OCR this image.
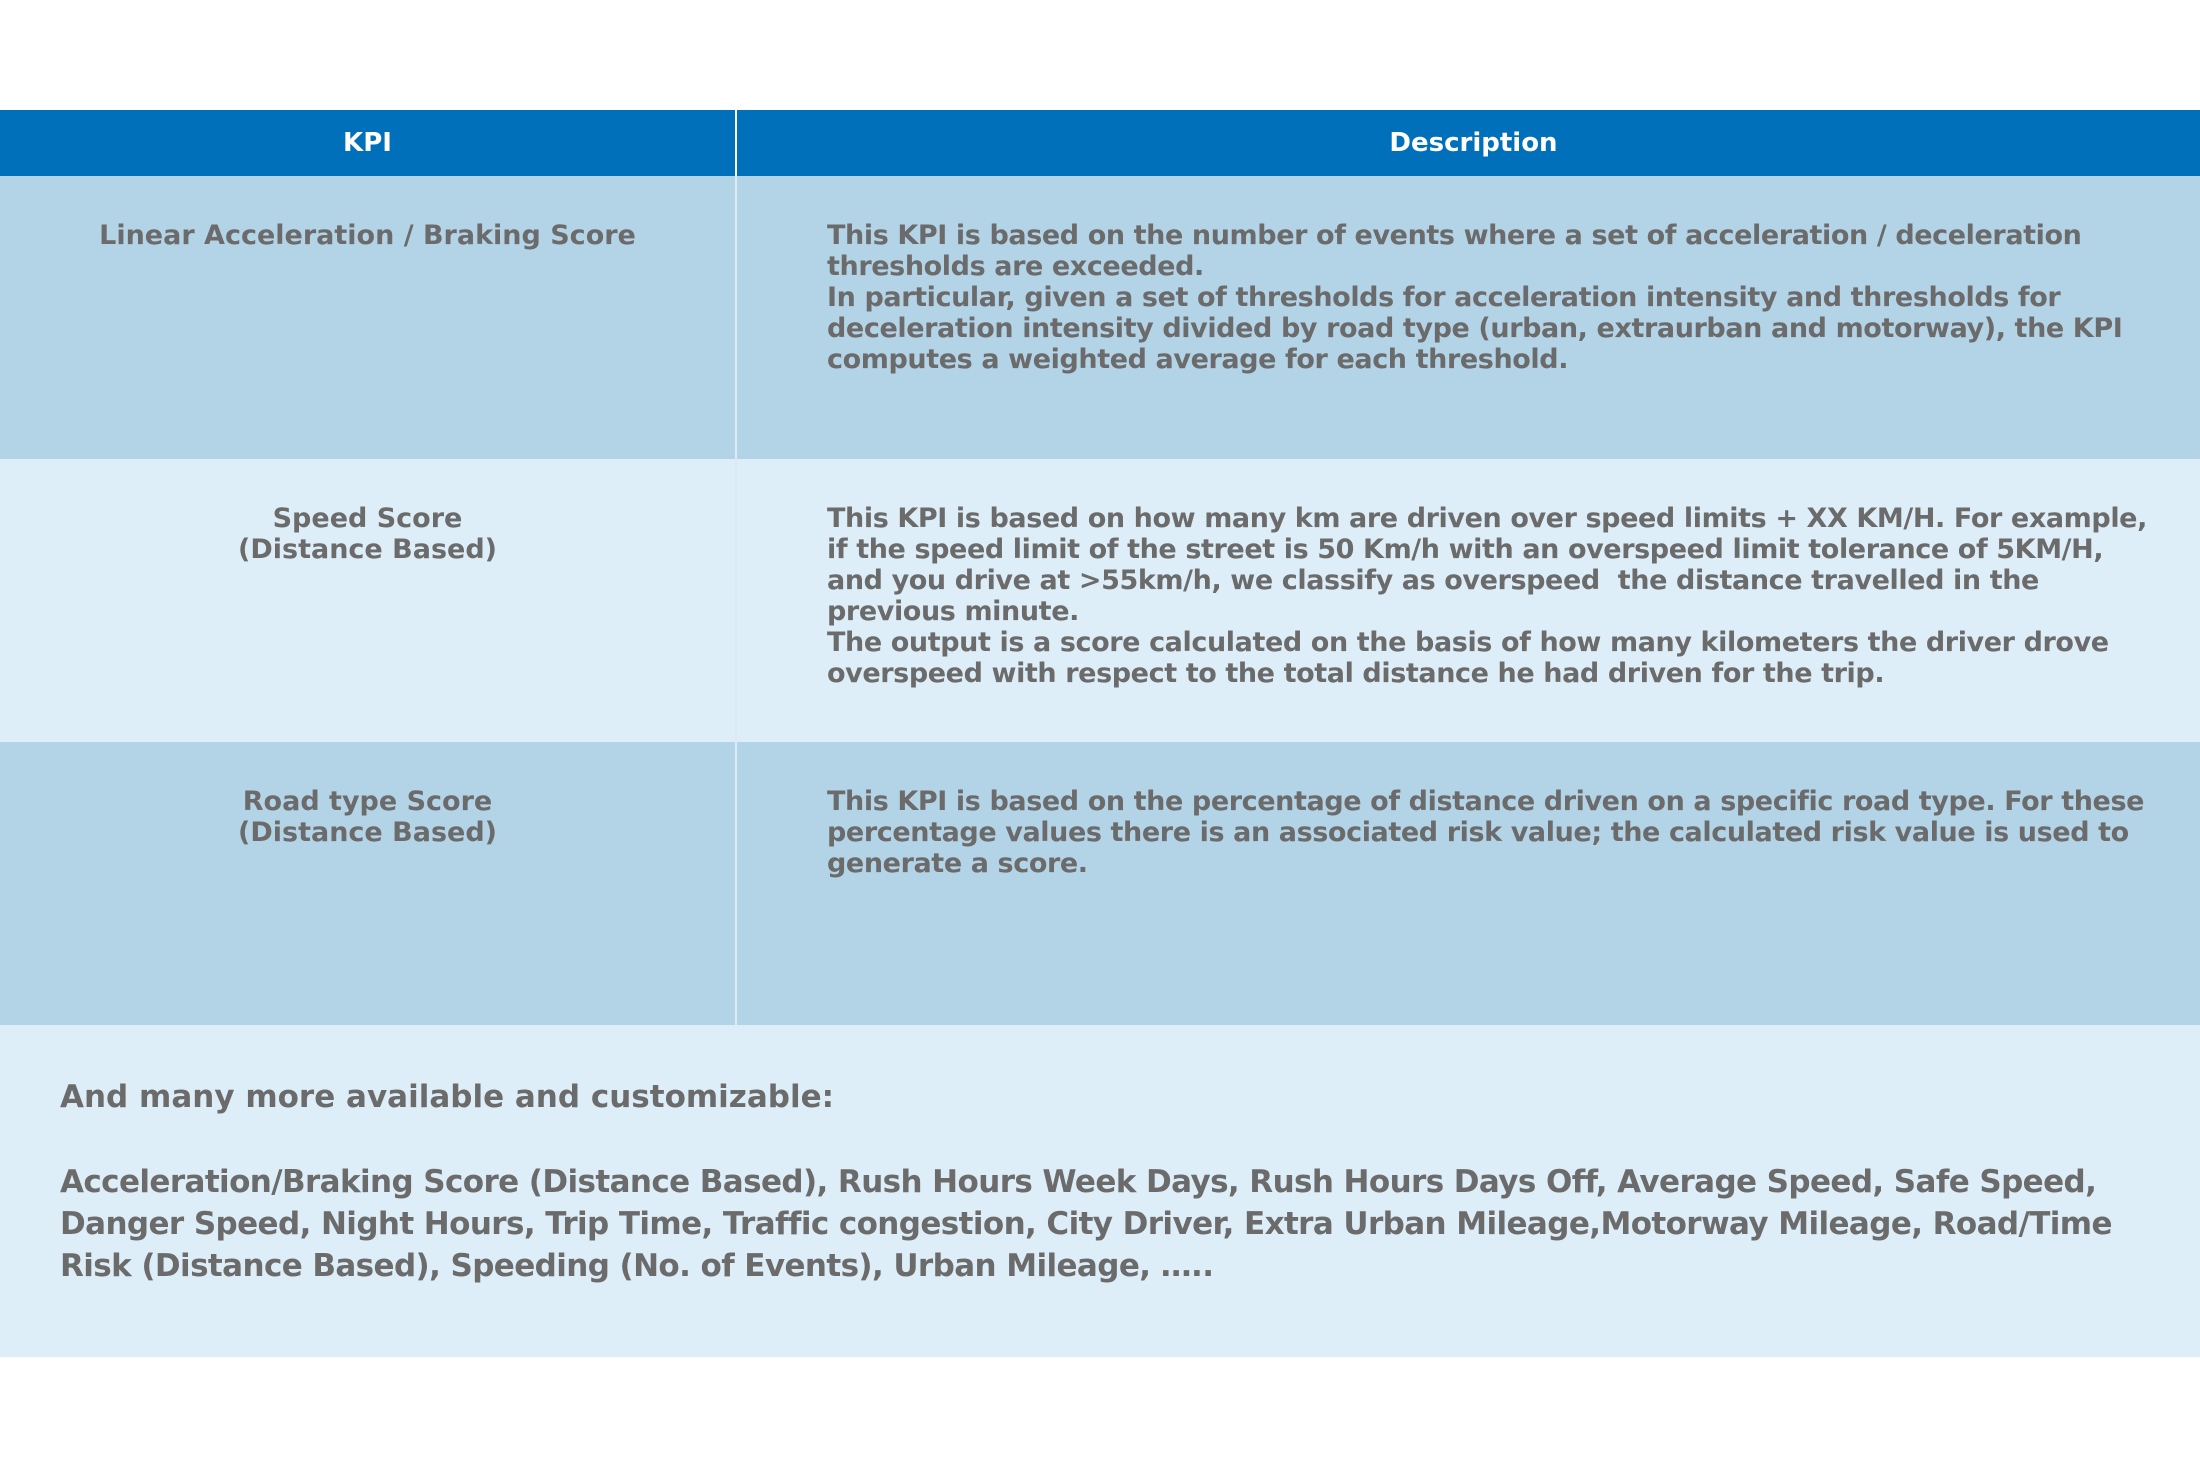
KPI	Description
Linear Acceleration / Braking Score	This KPI is based on the number of events where a set of acceleration / deceleration thresholds are exceeded.

In particular, given a set of thresholds for acceleration intensity and thresholds for deceleration intensity divided by road type (urban, extraurban and motorway), the KPI computes a weighted average for each threshold.

Speed Score
(Distance Based)

This KPI is based on how many km are driven over speed limits + XX KM/H. For example, if the speed limit of the street is 50 Km/h with an overspeed limit tolerance of 5KM/H, and you drive at >55km/h, we classify as overspeed  the distance travelled in the previous minute.

The output is a score calculated on the basis of how many kilometers the driver drove overspeed with respect to the total distance he had driven for the trip.

Road type Score
(Distance Based)

This KPI is based on the percentage of distance driven on a specific road type. For these percentage values there is an associated risk value; the calculated risk value is used to generate a score.

And many more available and customizable:

Acceleration/Braking Score (Distance Based), Rush Hours Week Days, Rush Hours Days Off, Average Speed, Safe Speed, Danger Speed, Night Hours, Trip Time, Traffic congestion, City Driver, Extra Urban Mileage,Motorway Mileage, Road/Time Risk (Distance Based), Speeding (No. of Events), Urban Mileage, …..
